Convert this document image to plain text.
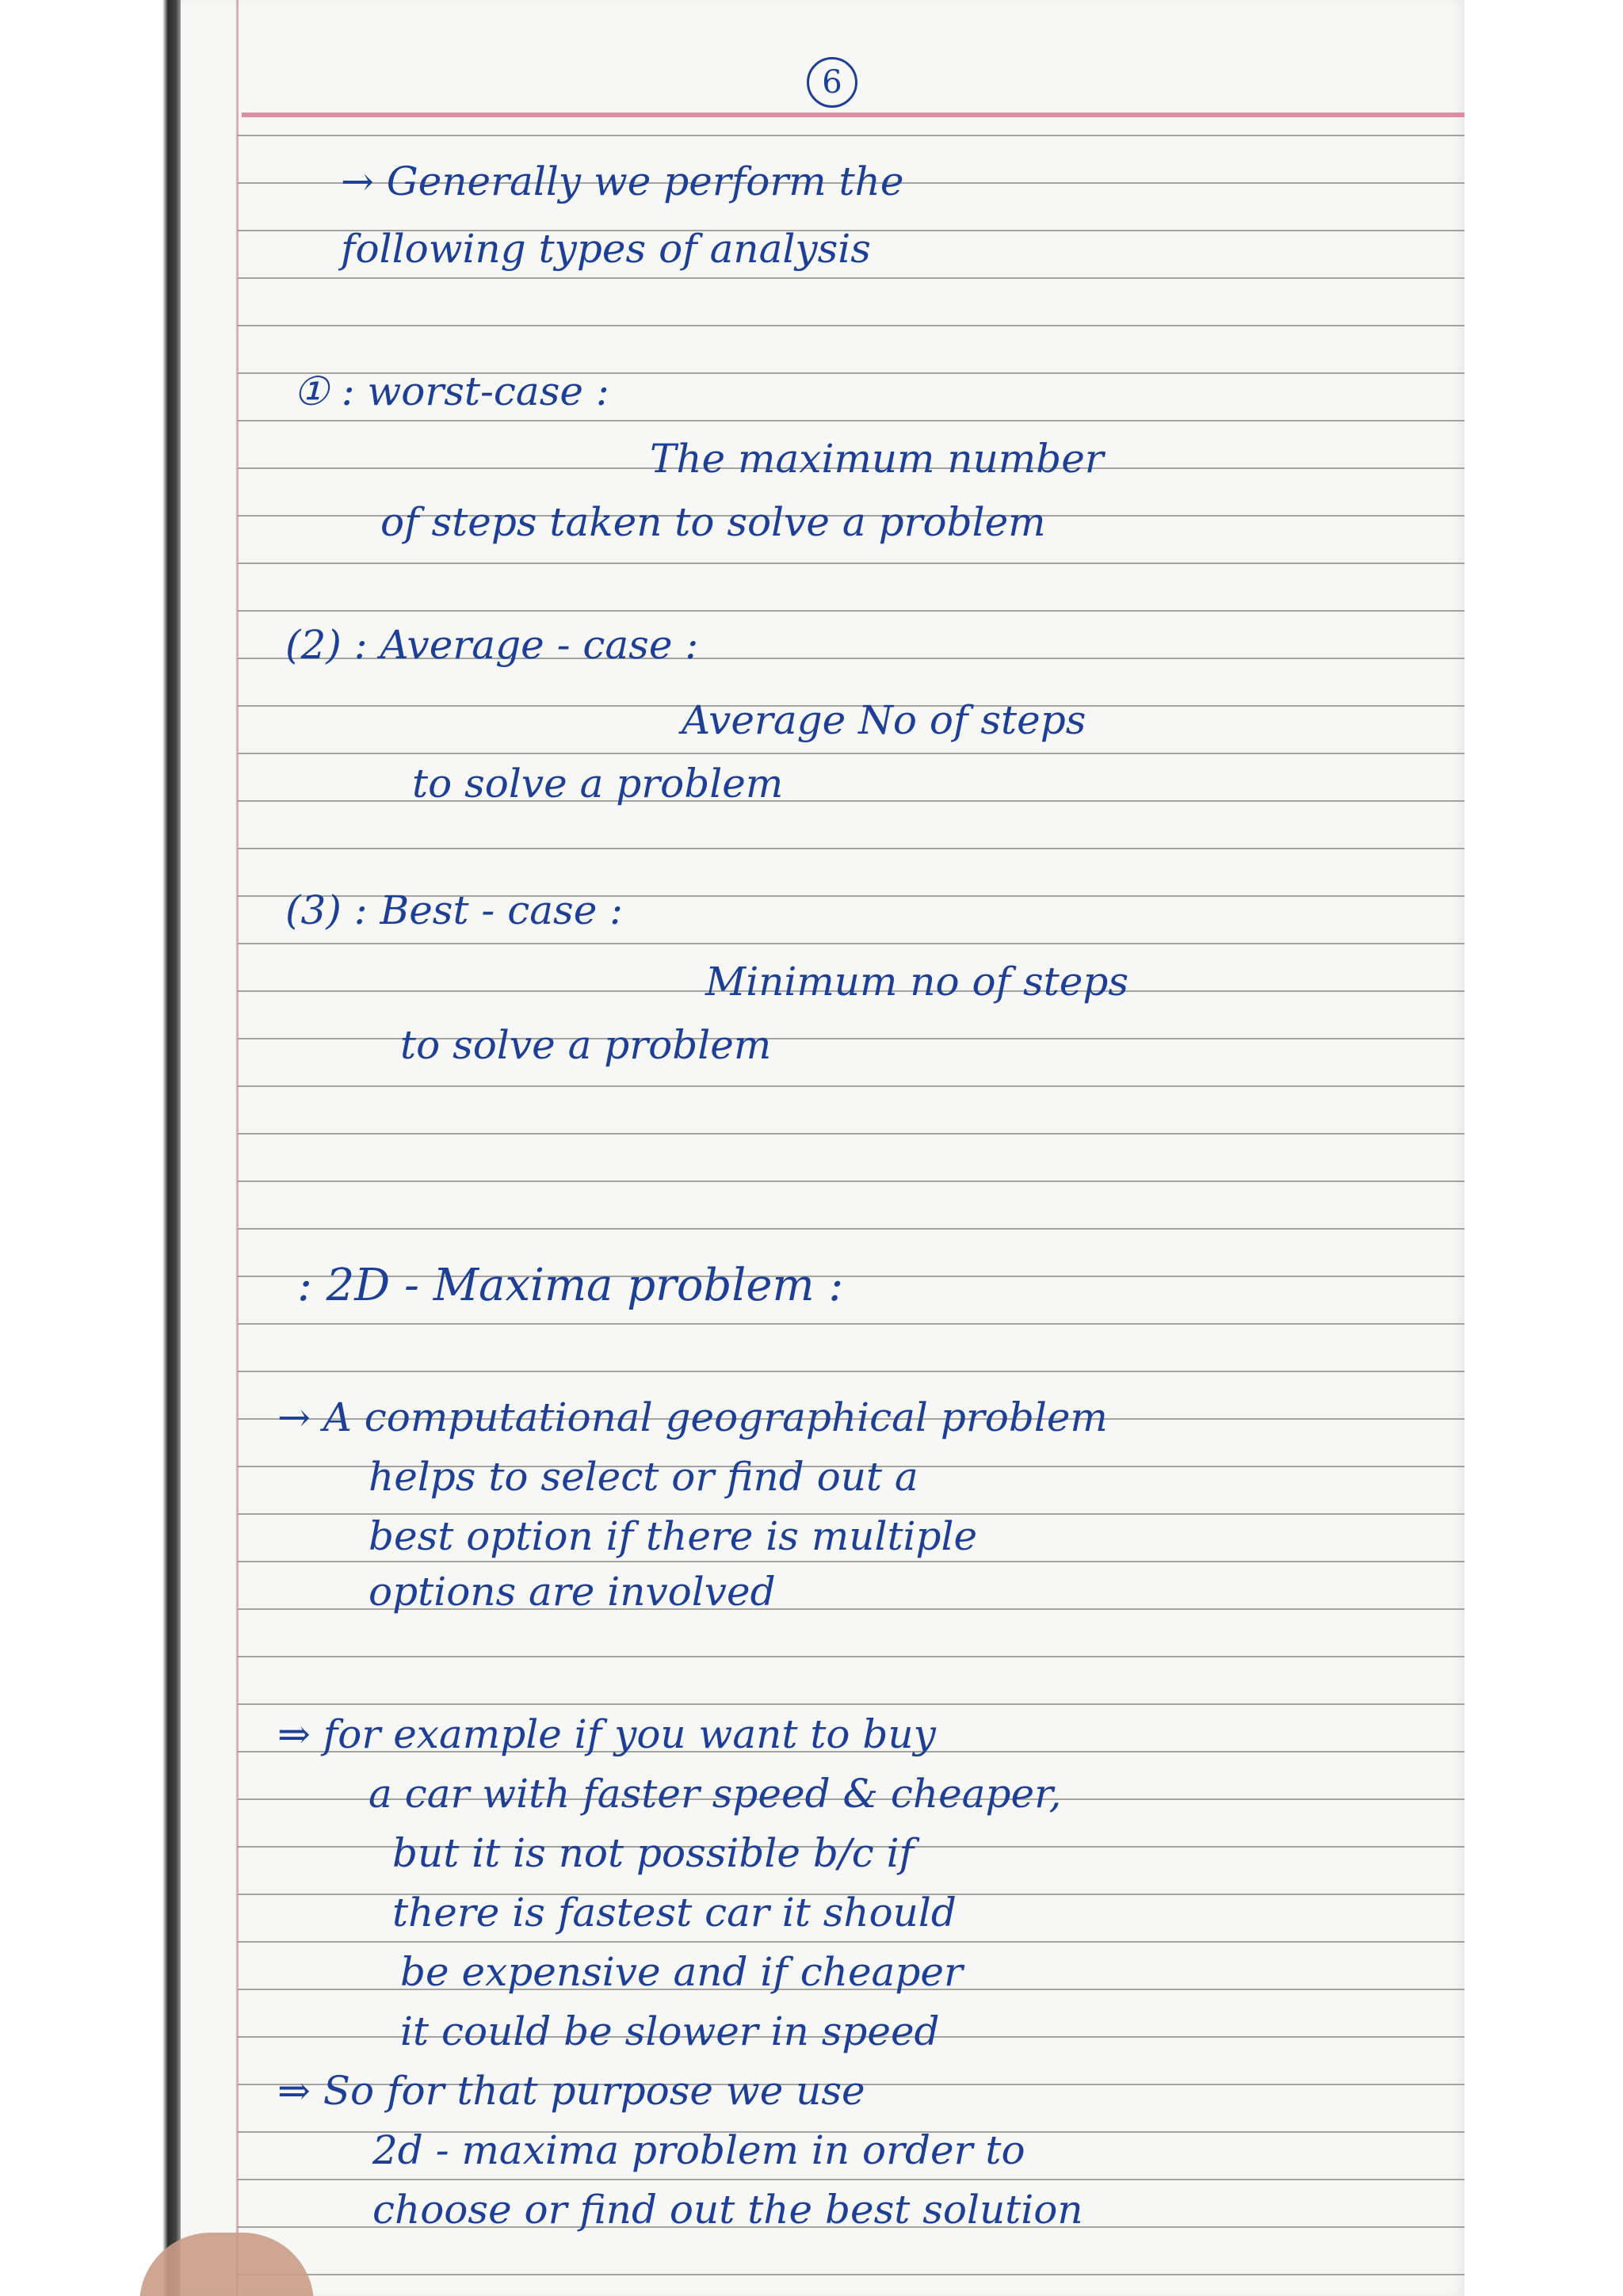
6
→ Generally we perform the
following types of analysis
① : worst-case :
The maximum number
of steps taken to solve a problem
(2) : Average - case :
Average No of steps
to solve a problem
(3) : Best - case :
Minimum no of steps
to solve a problem
: 2D - Maxima problem :
→ A computational geographical problem
helps to select or find out a
best option if there is multiple
options are involved
⇒ for example if you want to buy
a car with faster speed & cheaper,
but it is not possible b/c if
there is fastest car it should
be expensive and if cheaper
it could be slower in speed
⇒ So for that purpose we use
2d - maxima problem in order to
choose or find out the best solution
